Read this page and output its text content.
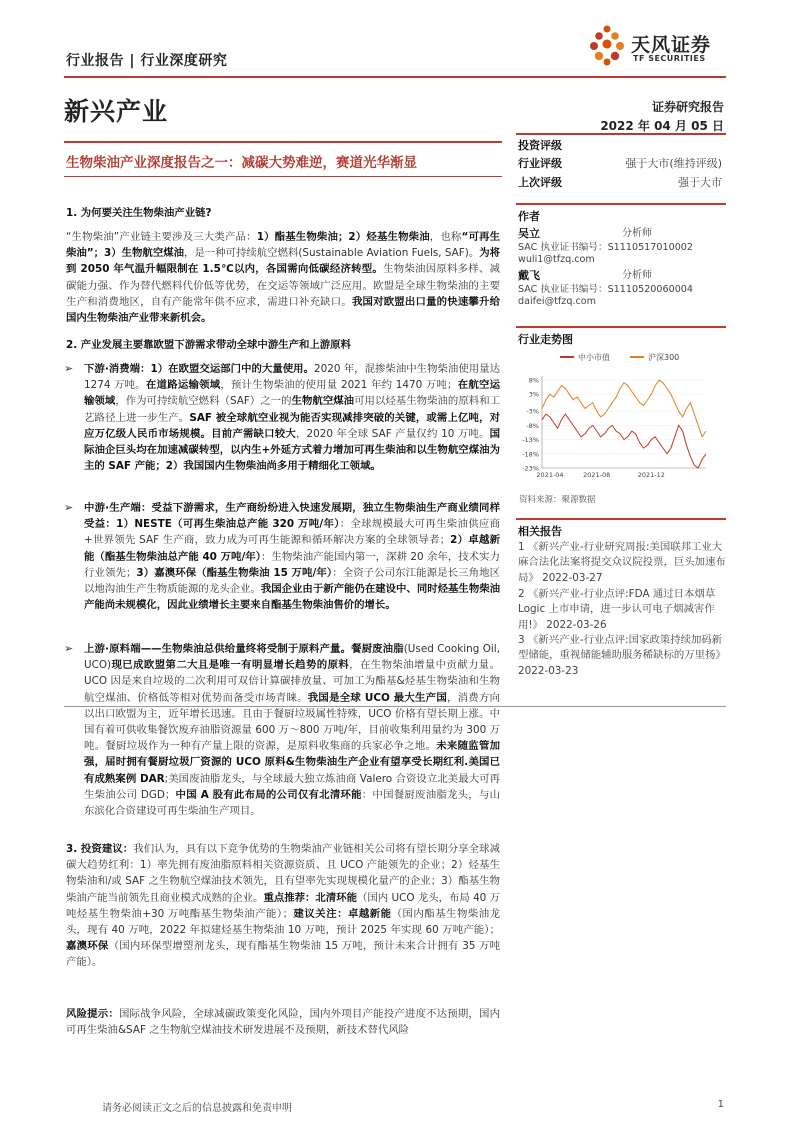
行业报告 | 行业深度研究
天风证券
TF SECURITIES
新兴产业	证券研究报告
2022 年 04 月 05 日
生物柴油产业深度报告之一：减碳大势难逆，赛道光华渐显
1. 为何要关注生物柴油产业链?
“生物柴油”产业链主要涉及三大类产品：1）酯基生物柴油；2）烃基生物柴油，也称“可再生柴油”；3）生物航空煤油，是一种可持续航空燃料(Sustainable Aviation Fuels, SAF)。为将到 2050 年气温升幅限制在 1.5℃以内，各国需向低碳经济转型。生物柴油因原料多样、减碳能力强、作为替代燃料代价低等优势，在交运等领域广泛应用。欧盟是全球生物柴油的主要生产和消费地区，自有产能常年供不应求，需进口补充缺口。我国对欧盟出口量的快速攀升给国内生物柴油产业带来新机会。
2. 产业发展主要靠欧盟下游需求带动全球中游生产和上游原料
➢ 下游·消费端：1）在欧盟交运部门中的大量使用。2020 年，混掺柴油中生物柴油使用量达 1274 万吨。在道路运输领域，预计生物柴油的使用量 2021 年约 1470 万吨；在航空运输领域，作为可持续航空燃料（SAF）之一的生物航空煤油可用以烃基生物柴油的原料和工艺路径上进一步生产。SAF 被全球航空业视为能否实现减排突破的关键，或需上亿吨，对应万亿级人民币市场规模。目前产需缺口较大，2020 年全球 SAF 产量仅约 10 万吨。国际油企巨头均在加速减碳转型，以内生+外延方式着力增加可再生柴油和以生物航空煤油为主的 SAF 产能；2）我国国内生物柴油尚多用于精细化工领域。
➢ 中游·生产端：受益下游需求，生产商纷纷进入快速发展期，独立生物柴油生产商业绩同样受益：1）NESTE（可再生柴油总产能 320 万吨/年）：全球规模最大可再生柴油供应商+世界领先 SAF 生产商，致力成为可再生能源和循环解决方案的全球领导者；2）卓越新能（酯基生物柴油总产能 40 万吨/年）：生物柴油产能国内第一，深耕 20 余年，技术实力行业领先；3）嘉澳环保（酯基生物柴油 15 万吨/年）：全资子公司东江能源是长三角地区以地沟油生产生物质能源的龙头企业。我国企业由于新产能仍在建设中、同时烃基生物柴油产能尚未规模化，因此业绩增长主要来自酯基生物柴油售价的增长。
➢ 上游·原料端——生物柴油总供给量终将受制于原料产量。餐厨废油脂(Used Cooking Oil, UCO)现已成欧盟第二大且是唯一有明显增长趋势的原料，在生物柴油增量中贡献力量。UCO 因是来自垃圾的二次利用可双倍计算碳排放量、可加工为酯基&烃基生物柴油和生物航空煤油、价格低等相对优势而备受市场青睐。我国是全球 UCO 最大生产国，消费方向以出口欧盟为主，近年增长迅速。且由于餐厨垃圾属性特殊，UCO 价格有望长期上涨。中国有着可供收集餐饮废弃油脂资源量 600 万～800 万吨/年，目前收集利用量约为 300 万吨。餐厨垃圾作为一种有产量上限的资源，是原料收集商的兵家必争之地。未来随监管加强，届时拥有餐厨垃圾厂资源的 UCO 原料&生物柴油生产企业有望享受长期红利.美国已有成熟案例 DAR;美国废油脂龙头，与全球最大独立炼油商 Valero 合资设立北美最大可再生柴油公司 DGD；中国 A 股有此布局的公司仅有北清环能：中国餐厨废油脂龙头，与山东滨化合资建设可再生柴油生产项目。
3. 投资建议：我们认为，具有以下竞争优势的生物柴油产业链相关公司将有望长期分享全球减碳大趋势红利：1）率先拥有废油脂原料相关资源资质、且 UCO 产能领先的企业；2）烃基生物柴油和/或 SAF 之生物航空煤油技术领先，且有望率先实现规模化量产的企业；3）酯基生物柴油产能当前领先且商业模式成熟的企业。重点推荐：北清环能（国内 UCO 龙头，布局 40 万吨烃基生物柴油+30 万吨酯基生物柴油产能）；建议关注：卓越新能（国内酯基生物柴油龙头，现有 40 万吨，2022 年拟建烃基生物柴油 10 万吨，预计 2025 年实现 60 万吨产能）；嘉澳环保（国内环保型增塑剂龙头，现有酯基生物柴油 15 万吨，预计未来合计拥有 35 万吨产能）。
风险提示：国际战争风险，全球减碳政策变化风险，国内外项目产能投产进度不达预期，国内可再生柴油&SAF 之生物航空煤油技术研发进展不及预期，新技术替代风险
投资评级
行业评级	强于大市(维持评级)
上次评级	强于大市
作者
吴立	分析师
SAC 执业证书编号：S1110517010002
wuli1@tfzq.com
戴飞	分析师
SAC 执业证书编号：S1110520060004
daifei@tfzq.com
行业走势图
中小市值	沪深300
8%
3%
-3%
-8%
-13%
-18%
-23%
2021-04	2021-08	2021-12
资料来源：聚源数据
相关报告
1 《新兴产业-行业研究周报:美国联邦工业大麻合法化法案将提交众议院投票，巨头加速布局》 2022-03-27
2 《新兴产业-行业点评:FDA 通过日本烟草 Logic 上市申请，进一步认可电子烟减害作用!》 2022-03-26
3 《新兴产业-行业点评:国家政策持续加码新型储能，重视储能辅助服务稀缺标的万里扬》 2022-03-23
请务必阅读正文之后的信息披露和免责申明	1
